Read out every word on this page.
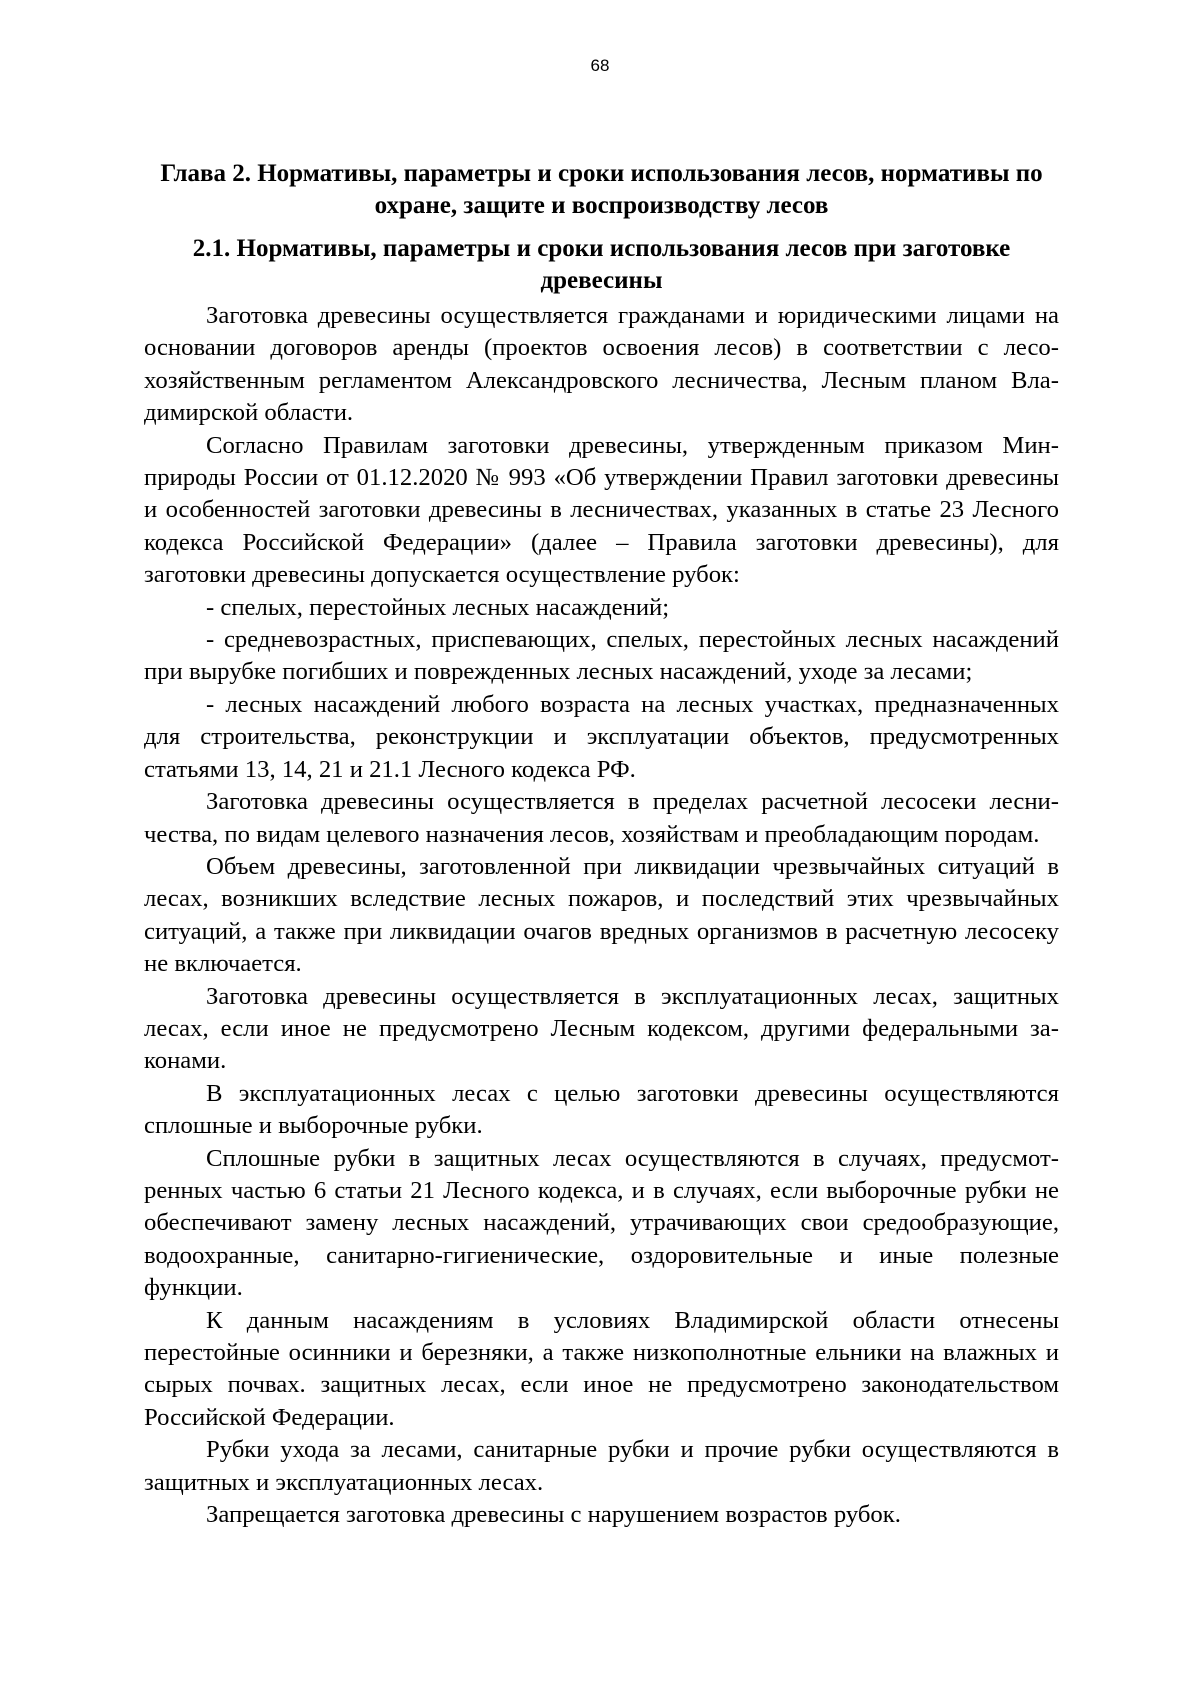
68
Глава 2. Нормативы, параметры и сроки использования лесов, нормативы по охране, защите и воспроизводству лесов
2.1. Нормативы, параметры и сроки использования лесов при заготовке древесины

Заготовка древесины осуществляется гражданами и юридическими лицами на основании договоров аренды (проектов освоения лесов) в соответствии с лесохозяйственным регламентом Александровского лесничества, Лесным планом Владимирской области.

Согласно Правилам заготовки древесины, утвержденным приказом Минприроды России от 01.12.2020 № 993 «Об утверждении Правил заготовки древесины и особенностей заготовки древесины в лесничествах, указанных в статье 23 Лесного кодекса Российской Федерации» (далее – Правила заготовки древесины), для заготовки древесины допускается осуществление рубок:

- спелых, перестойных лесных насаждений;

- средневозрастных, приспевающих, спелых, перестойных лесных насаждений при вырубке погибших и поврежденных лесных насаждений, уходе за лесами;

- лесных насаждений любого возраста на лесных участках, предназначенных для строительства, реконструкции и эксплуатации объектов, предусмотренных статьями 13, 14, 21 и 21.1 Лесного кодекса РФ.

Заготовка древесины осуществляется в пределах расчетной лесосеки лесничества, по видам целевого назначения лесов, хозяйствам и преобладающим породам.

Объем древесины, заготовленной при ликвидации чрезвычайных ситуаций в лесах, возникших вследствие лесных пожаров, и последствий этих чрезвычайных ситуаций, а также при ликвидации очагов вредных организмов в расчетную лесосеку не включается.

Заготовка древесины осуществляется в эксплуатационных лесах, защитных лесах, если иное не предусмотрено Лесным кодексом, другими федеральными законами.

В эксплуатационных лесах с целью заготовки древесины осуществляются сплошные и выборочные рубки.

Сплошные рубки в защитных лесах осуществляются в случаях, предусмотренных частью 6 статьи 21 Лесного кодекса, и в случаях, если выборочные рубки не обеспечивают замену лесных насаждений, утрачивающих свои средообразующие, водоохранные, санитарно-гигиенические, оздоровительные и иные полезные функции.

К данным насаждениям в условиях Владимирской области отнесены перестойные осинники и березняки, а также низкополнотные ельники на влажных и сырых почвах. защитных лесах, если иное не предусмотрено законодательством Российской Федерации.

Рубки ухода за лесами, санитарные рубки и прочие рубки осуществляются в защитных и эксплуатационных лесах.

Запрещается заготовка древесины с нарушением возрастов рубок.
